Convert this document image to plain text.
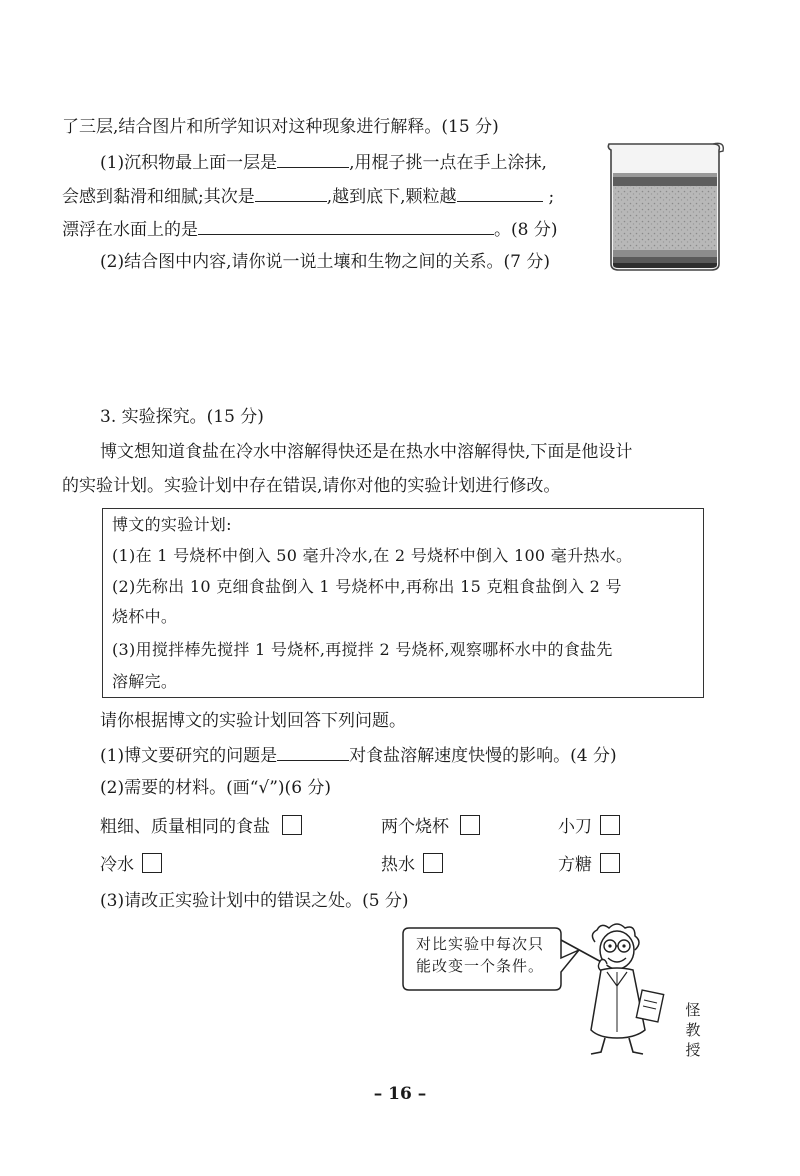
了三层,结合图片和所学知识对这种现象进行解释。(15 分)
(1)沉积物最上面一层是	,用棍子挑一点在手上涂抹,
会感到黏滑和细腻;其次是	,越到底下,颗粒越	;
漂浮在水面上的是	。(8 分)
(2)结合图中内容,请你说一说土壤和生物之间的关系。(7 分)
3. 实验探究。(15 分)
博文想知道食盐在冷水中溶解得快还是在热水中溶解得快,下面是他设计
的实验计划。实验计划中存在错误,请你对他的实验计划进行修改。
博文的实验计划:
(1)在 1 号烧杯中倒入 50 毫升冷水,在 2 号烧杯中倒入 100 毫升热水。
(2)先称出 10 克细食盐倒入 1 号烧杯中,再称出 15 克粗食盐倒入 2 号
烧杯中。
(3)用搅拌棒先搅拌 1 号烧杯,再搅拌 2 号烧杯,观察哪杯水中的食盐先
溶解完。
请你根据博文的实验计划回答下列问题。
(1)博文要研究的问题是	对食盐溶解速度快慢的影响。(4 分)
(2)需要的材料。(画“√”)(6 分)
粗细、质量相同的食盐	两个烧杯	小刀
冷水	热水	方糖
(3)请改正实验计划中的错误之处。(5 分)
对比实验中每次只
能改变一个条件。
怪
教
授
– 16 –
